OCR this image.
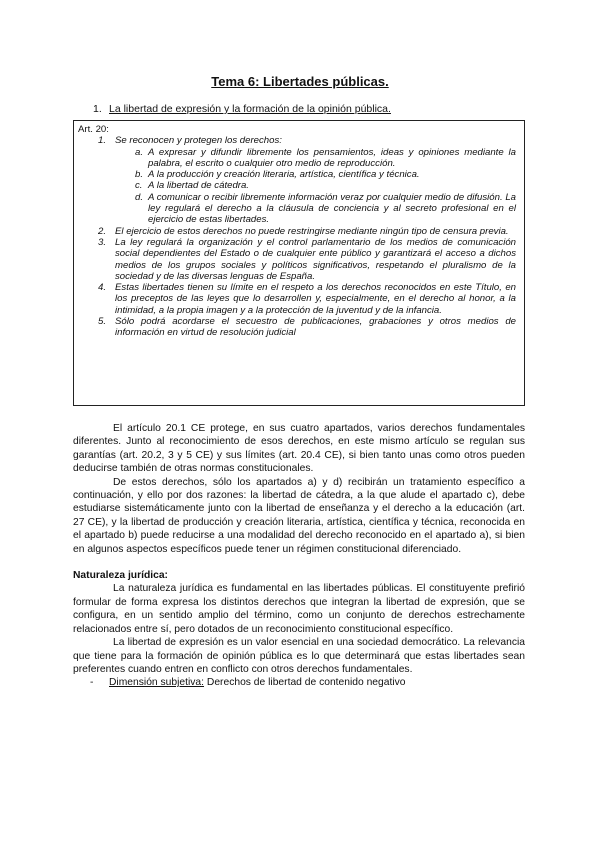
Tema 6: Libertades públicas.
1. La libertad de expresión y la formación de la opinión pública.

Art. 20:

1. Se reconocen y protegen los derechos:
a. A expresar y difundir libremente los pensamientos, ideas y opiniones mediante la palabra, el escrito o cualquier otro medio de reproducción.
b. A la producción y creación literaria, artística, científica y técnica.
c. A la libertad de cátedra.
d. A comunicar o recibir libremente información veraz por cualquier medio de difusión. La ley regulará el derecho a la cláusula de conciencia y al secreto profesional en el ejercicio de estas libertades.
2. El ejercicio de estos derechos no puede restringirse mediante ningún tipo de censura previa.
3. La ley regulará la organización y el control parlamentario de los medios de comunicación social dependientes del Estado o de cualquier ente público y garantizará el acceso a dichos medios de los grupos sociales y políticos significativos, respetando el pluralismo de la sociedad y de las diversas lenguas de España.
4. Estas libertades tienen su límite en el respeto a los derechos reconocidos en este Título, en los preceptos de las leyes que lo desarrollen y, especialmente, en el derecho al honor, a la intimidad, a la propia imagen y a la protección de la juventud y de la infancia.
5. Sólo podrá acordarse el secuestro de publicaciones, grabaciones y otros medios de información en virtud de resolución judicial

El artículo 20.1 CE protege, en sus cuatro apartados, varios derechos fundamentales diferentes. Junto al reconocimiento de esos derechos, en este mismo artículo se regulan sus garantías (art. 20.2, 3 y 5 CE) y sus límites (art. 20.4 CE), si bien tanto unas como otros pueden deducirse también de otras normas constitucionales.

De estos derechos, sólo los apartados a) y d) recibirán un tratamiento específico a continuación, y ello por dos razones: la libertad de cátedra, a la que alude el apartado c), debe estudiarse sistemáticamente junto con la libertad de enseñanza y el derecho a la educación (art. 27 CE), y la libertad de producción y creación literaria, artística, científica y técnica, reconocida en el apartado b) puede reducirse a una modalidad del derecho reconocido en el apartado a), si bien en algunos aspectos específicos puede tener un régimen constitucional diferenciado.

Naturaleza jurídica:

La naturaleza jurídica es fundamental en las libertades públicas. El constituyente prefirió formular de forma expresa los distintos derechos que integran la libertad de expresión, que se configura, en un sentido amplio del término, como un conjunto de derechos estrechamente relacionados entre sí, pero dotados de un reconocimiento constitucional específico.

La libertad de expresión es un valor esencial en una sociedad democrático. La relevancia que tiene para la formación de opinión pública es lo que determinará que estas libertades sean preferentes cuando entren en conflicto con otros derechos fundamentales.

- Dimensión subjetiva: Derechos de libertad de contenido negativo
